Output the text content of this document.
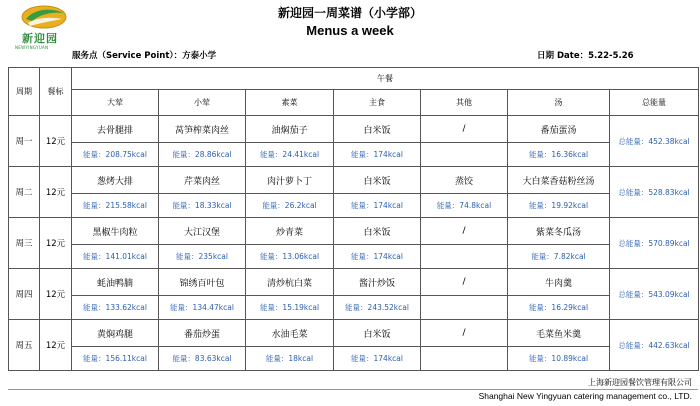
新迎园
NEWYINGYUAN
新迎园一周菜谱（小学部）
Menus a week
服务点（Service Point）：方泰小学	日期 Date：5.22-5.26
周期	餐标	午餐						
		大荤	小荤	素菜	主食	其他	汤	总能量
周一	12元	去骨腿排	莴笋榨菜肉丝	油焖茄子	白米饭	/	番茄蛋汤	总能量：452.38kcal
		能量：208.75kcal	能量：28.86kcal	能量：24.41kcal	能量：174kcal		能量：16.36kcal	
周二	12元	葱烤大排	芹菜肉丝	肉汁萝卜丁	白米饭	蒸饺	大白菜香菇粉丝汤	总能量：528.83kcal
		能量：215.58kcal	能量：18.33kcal	能量：26.2kcal	能量：174kcal	能量：74.8kcal	能量：19.92kcal	
周三	12元	黑椒牛肉粒	大江汉堡	炒青菜	白米饭	/	紫菜冬瓜汤	总能量：570.89kcal
		能量：141.01kcal	能量：235kcal	能量：13.06kcal	能量：174kcal		能量：7.82kcal	
周四	12元	蚝油鸭腩	锦绣百叶包	清炒杭白菜	酱汁炒饭	/	牛肉羹	总能量：543.09kcal
		能量：133.62kcal	能量：134.47kcal	能量：15.19kcal	能量：243.52kcal		能量：16.29kcal	
周五	12元	黄焖鸡腿	番茄炒蛋	水油毛菜	白米饭	/	毛菜鱼米羹	总能量：442.63kcal
		能量：156.11kcal	能量：83.63kcal	能量：18kcal	能量：174kcal		能量：10.89kcal	
上海新迎园餐饮管理有限公司
Shanghai New Yingyuan catering management co., LTD.
